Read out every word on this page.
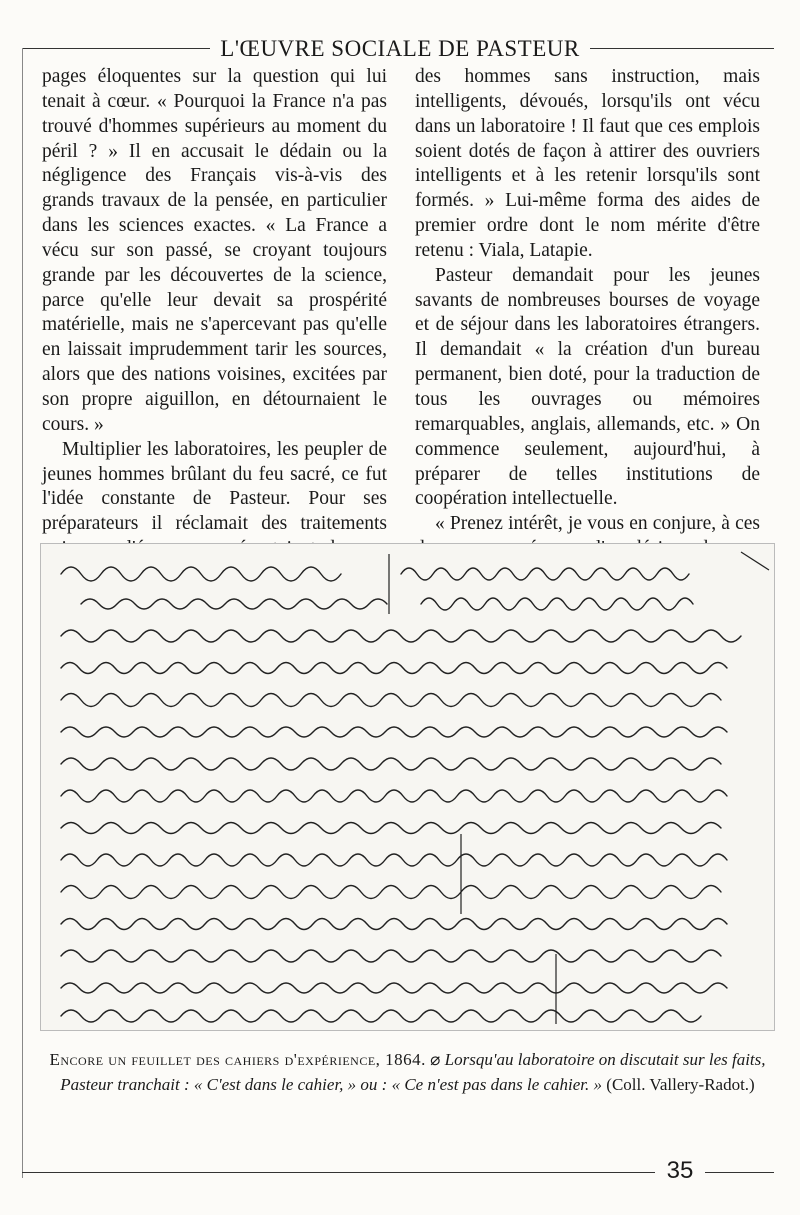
L'ŒUVRE SOCIALE DE PASTEUR

pages éloquentes sur la question qui lui tenait à cœur. « Pourquoi la France n'a pas trouvé d'hommes supérieurs au moment du péril ? » Il en accusait le dédain ou la négligence des Français vis-à-vis des grands travaux de la pensée, en particulier dans les sciences exactes. « La France a vécu sur son passé, se croyant toujours grande par les découvertes de la science, parce qu'elle leur devait sa prospérité matérielle, mais ne s'apercevant pas qu'elle en laissait imprudemment tarir les sources, alors que des nations voisines, excitées par son propre aiguillon, en détournaient le cours. »

Multiplier les laboratoires, les peupler de jeunes hommes brûlant du feu sacré, ce fut l'idée constante de Pasteur. Pour ses préparateurs il réclamait des traitements

des hommes sans instruction, mais intelligents, dévoués, lorsqu'ils ont vécu dans un laboratoire ! Il faut que ces emplois soient dotés de façon à attirer des ouvriers intelligents et à les retenir lorsqu'ils sont formés. » Lui-même forma des aides de premier ordre dont le nom mérite d'être retenu : Viala, Latapie.

Pasteur demandait pour les jeunes savants de nombreuses bourses de voyage et de séjour dans les laboratoires étrangers. Il demandait « la création d'un bureau permanent, bien doté, pour la traduction de tous les ouvrages ou mémoires remarquables, anglais, allemands, etc. » On commence seulement, aujourd'hui, à préparer de telles institutions de coopération intellectuelle.

« Prenez intérêt, je vous en conjure, à ces

Encore un feuillet des cahiers d'expérience, 1864. ⌀ Lorsqu'au laboratoire on discutait sur les faits, Pasteur tranchait : « C'est dans le cahier, » ou : « Ce n'est pas dans le cahier. » (Coll. Vallery-Radot.)
35
